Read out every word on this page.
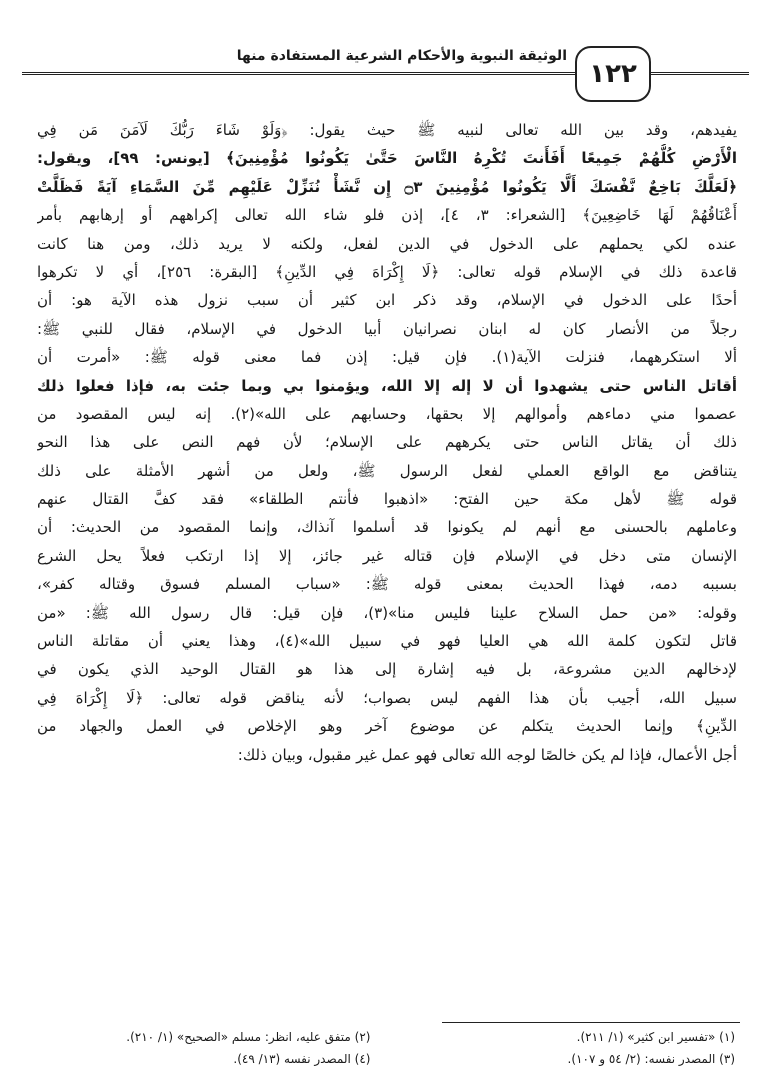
الوثيقة النبوية والأحكام الشرعية المستفادة منها
١٢٢
يفيدهم، وقد بين الله تعالى لنبيه ﷺ حيث يقول: ﴿وَلَوْ شَاءَ رَبُّكَ لَآمَنَ مَن فِي
الْأَرْضِ كُلُّهُمْ جَمِيعًا أَفَأَنتَ تُكْرِهُ النَّاسَ حَتَّىٰ يَكُونُوا مُؤْمِنِينَ﴾ [يونس: ٩٩]، ويقول:
﴿لَعَلَّكَ بَاخِعٌ نَّفْسَكَ أَلَّا يَكُونُوا مُؤْمِنِينَ ۝٣ إِن نَّشَأْ نُنَزِّلْ عَلَيْهِم مِّنَ السَّمَاءِ آيَةً فَظَلَّتْ
أَعْنَاقُهُمْ لَهَا خَاضِعِينَ﴾ [الشعراء: ٣، ٤]، إذن فلو شاء الله تعالى إكراههم أو إرهابهم بأمر
عنده لكي يحملهم على الدخول في الدين لفعل، ولكنه لا يريد ذلك، ومن هنا كانت
قاعدة ذلك في الإسلام قوله تعالى: ﴿لَا إِكْرَاهَ فِي الدِّينِ﴾ [البقرة: ٢٥٦]، أي لا تكرهوا
أحدًا على الدخول في الإسلام، وقد ذكر ابن كثير أن سبب نزول هذه الآية هو: أن
رجلاً من الأنصار كان له ابنان نصرانيان أبيا الدخول في الإسلام، فقال للنبي ﷺ:
ألا استكرههما، فنزلت الآية(١). فإن قيل: إذن فما معنى قوله ﷺ: «أمرت أن
أقاتل الناس حتى يشهدوا أن لا إله إلا الله، ويؤمنوا بي وبما جئت به، فإذا فعلوا ذلك
عصموا مني دماءهم وأموالهم إلا بحقها، وحسابهم على الله»(٢). إنه ليس المقصود من
ذلك أن يقاتل الناس حتى يكرههم على الإسلام؛ لأن فهم النص على هذا النحو
يتناقض مع الواقع العملي لفعل الرسول ﷺ، ولعل من أشهر الأمثلة على ذلك
قوله ﷺ لأهل مكة حين الفتح: «اذهبوا فأنتم الطلقاء» فقد كفَّ القتال عنهم
وعاملهم بالحسنى مع أنهم لم يكونوا قد أسلموا آنذاك، وإنما المقصود من الحديث: أن
الإنسان متى دخل في الإسلام فإن قتاله غير جائز، إلا إذا ارتكب فعلاً يحل الشرع
بسببه دمه، فهذا الحديث بمعنى قوله ﷺ: «سباب المسلم فسوق وقتاله كفر»،
وقوله: «من حمل السلاح علينا فليس منا»(٣)، فإن قيل: قال رسول الله ﷺ: «من
قاتل لتكون كلمة الله هي العليا فهو في سبيل الله»(٤)، وهذا يعني أن مقاتلة الناس
لإدخالهم الدين مشروعة، بل فيه إشارة إلى هذا هو القتال الوحيد الذي يكون في
سبيل الله، أجيب بأن هذا الفهم ليس بصواب؛ لأنه يناقض قوله تعالى: ﴿لَا إِكْرَاهَ فِي
الدِّينِ﴾ وإنما الحديث يتكلم عن موضوع آخر وهو الإخلاص في العمل والجهاد من
أجل الأعمال، فإذا لم يكن خالصًا لوجه الله تعالى فهو عمل غير مقبول، وبيان ذلك:
(١) «تفسير ابن كثير» (١/ ٢١١).
(٢) متفق عليه، انظر: مسلم «الصحيح» (١/ ٢١٠).
(٣) المصدر نفسه: (٢/ ٥٤ و ١٠٧).
(٤) المصدر نفسه (١٣/ ٤٩).
